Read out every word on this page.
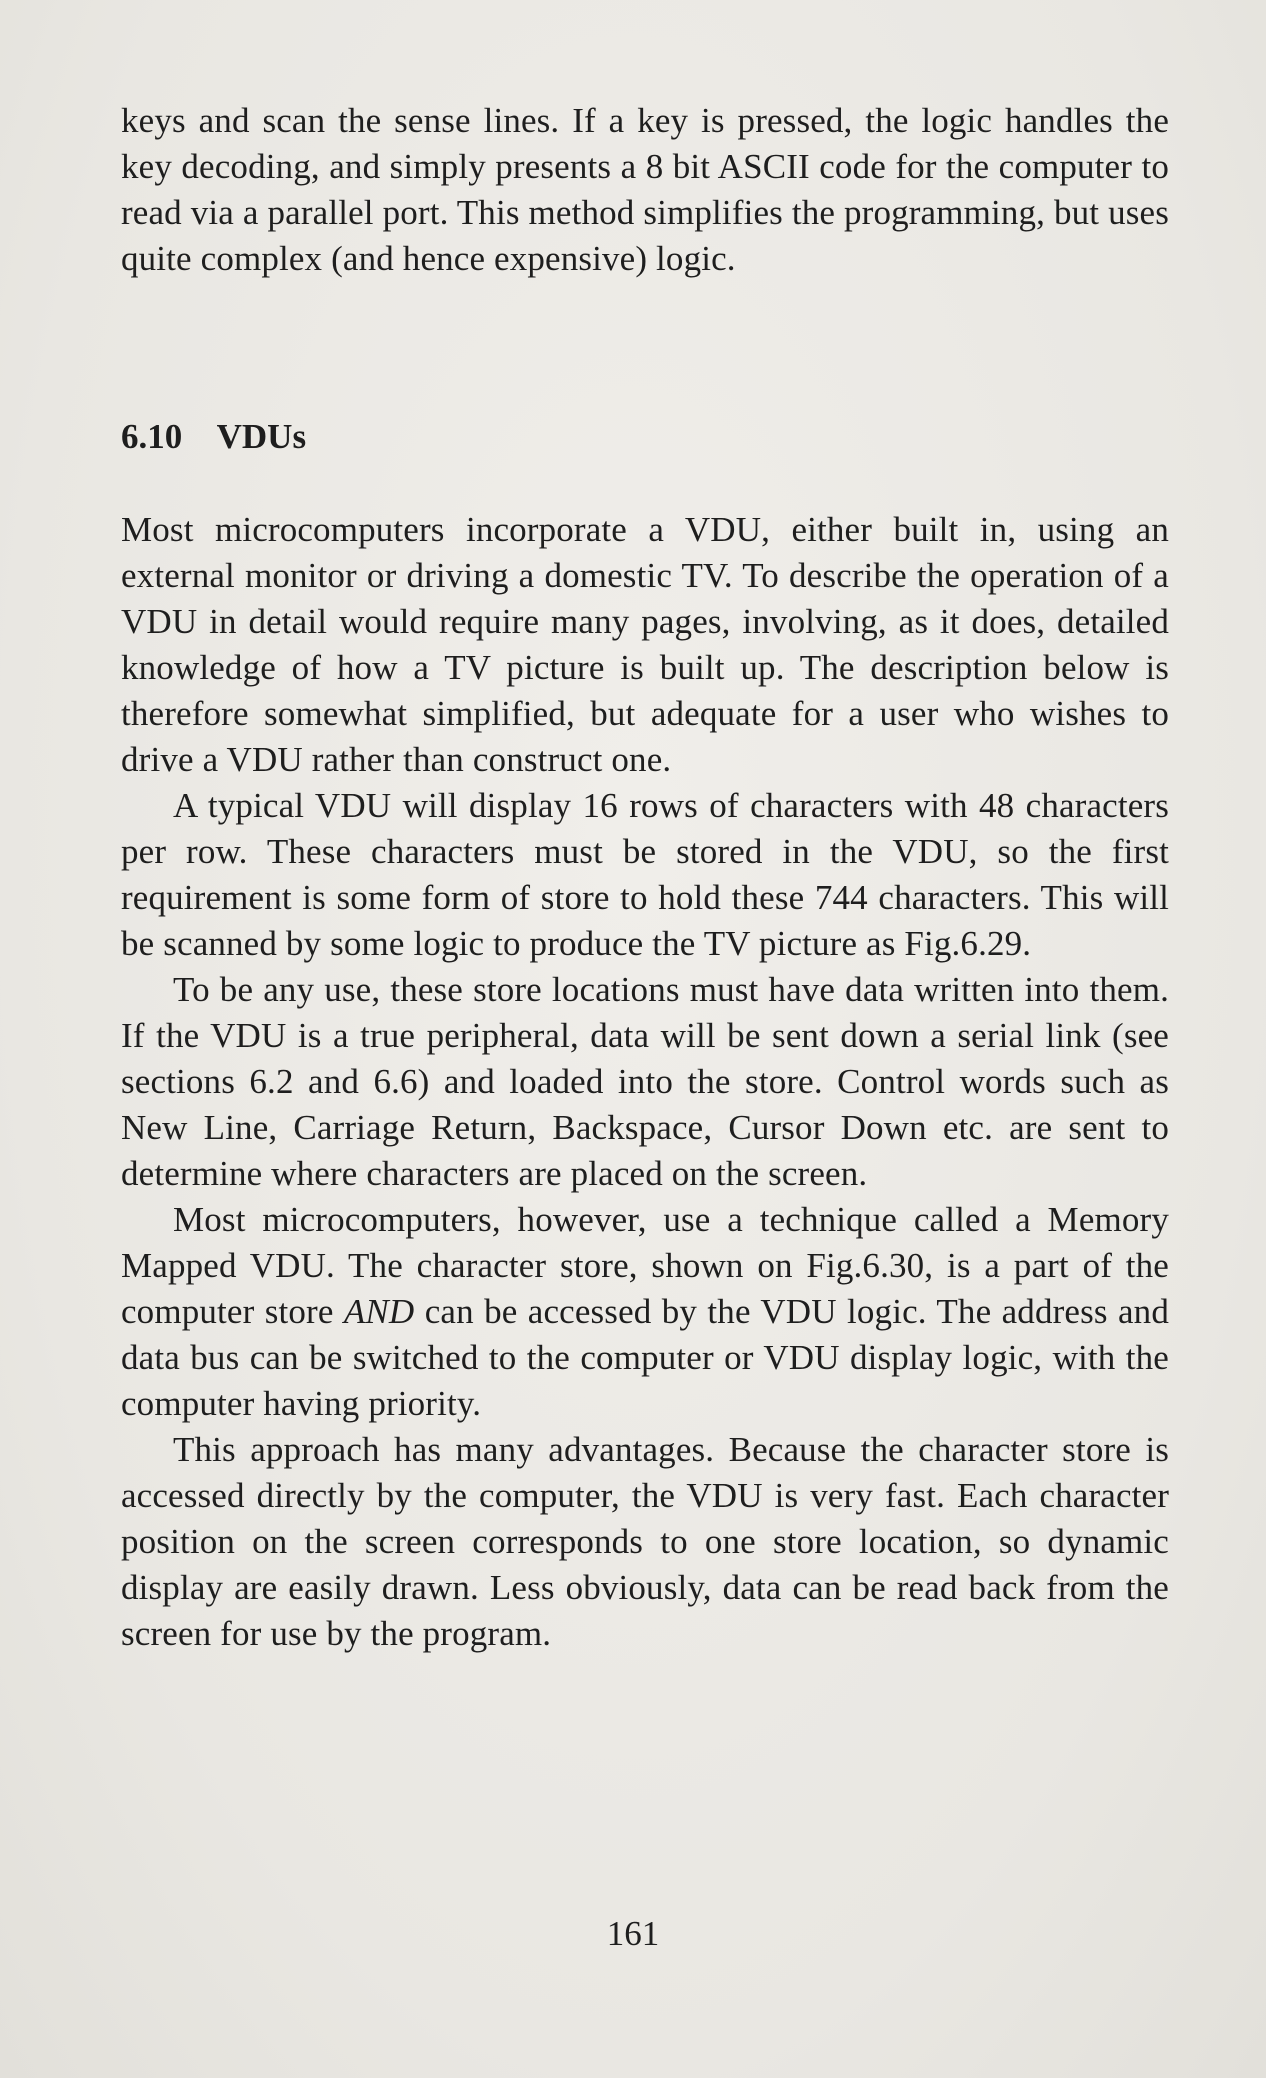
keys and scan the sense lines. If a key is pressed, the logic handles the key decoding, and simply presents a 8 bit ASCII code for the computer to read via a parallel port. This method simplifies the programming, but uses quite complex (and hence expensive) logic.

6.10 VDUs

Most microcomputers incorporate a VDU, either built in, using an external monitor or driving a domestic TV. To describe the operation of a VDU in detail would require many pages, involving, as it does, detailed knowledge of how a TV picture is built up. The description below is therefore somewhat simplified, but adequate for a user who wishes to drive a VDU rather than construct one.

A typical VDU will display 16 rows of characters with 48 characters per row. These characters must be stored in the VDU, so the first requirement is some form of store to hold these 744 characters. This will be scanned by some logic to produce the TV picture as Fig.6.29.

To be any use, these store locations must have data written into them. If the VDU is a true peripheral, data will be sent down a serial link (see sections 6.2 and 6.6) and loaded into the store. Control words such as New Line, Carriage Return, Backspace, Cursor Down etc. are sent to determine where characters are placed on the screen.

Most microcomputers, however, use a technique called a Memory Mapped VDU. The character store, shown on Fig.6.30, is a part of the computer store AND can be accessed by the VDU logic. The address and data bus can be switched to the computer or VDU display logic, with the computer having priority.

This approach has many advantages. Because the character store is accessed directly by the computer, the VDU is very fast. Each character position on the screen corresponds to one store location, so dynamic display are easily drawn. Less obviously, data can be read back from the screen for use by the program.

161
